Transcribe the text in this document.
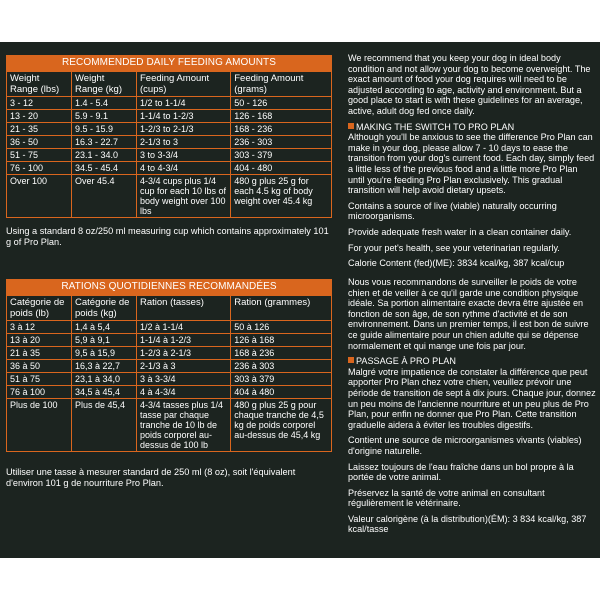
RECOMMENDED DAILY FEEDING AMOUNTS
Weight Range (lbs)	Weight Range (kg)	Feeding Amount (cups)	Feeding Amount (grams)
3 - 12	1.4 - 5.4	1/2 to 1-1/4	50 - 126
13 - 20	5.9 - 9.1	1-1/4 to 1-2/3	126 - 168
21 - 35	9.5 - 15.9	1-2/3 to 2-1/3	168 - 236
36 - 50	16.3 - 22.7	2-1/3 to 3	236 - 303
51 - 75	23.1 - 34.0	3 to 3-3/4	303 - 379
76 - 100	34.5 - 45.4	4 to 4-3/4	404 - 480
Over 100	Over 45.4	4-3/4 cups plus 1/4 cup for each 10 lbs of body weight over 100 lbs	480 g plus 25 g for each 4.5 kg of body weight over 45.4 kg
Using a standard 8 oz/250 ml measuring cup which contains approximately 101 g of Pro Plan.
RATIONS QUOTIDIENNES RECOMMANDÉES
Catégorie de poids (lb)	Catégorie de poids (kg)	Ration (tasses)	Ration (grammes)
3 à 12	1,4 à 5,4	1/2 à 1-1/4	50 à 126
13 à 20	5,9 à 9,1	1-1/4 à 1-2/3	126 à 168
21 à 35	9,5 à 15,9	1-2/3 à 2-1/3	168 à 236
36 à 50	16,3 à 22,7	2-1/3 à 3	236 à 303
51 à 75	23,1 à 34,0	3 à 3-3/4	303 à 379
76 à 100	34,5 à 45,4	4 à 4-3/4	404 à 480
Plus de 100	Plus de 45,4	4-3/4 tasses plus 1/4 tasse par chaque tranche de 10 lb de poids corporel au-dessus de 100 lb	480 g plus 25 g pour chaque tranche de 4,5 kg de poids corporel au-dessus de 45,4 kg
Utiliser une tasse à mesurer standard de 250 ml (8 oz), soit l'équivalent d'environ 101 g de nourriture Pro Plan.

We recommend that you keep your dog in ideal body condition and not allow your dog to become overweight. The exact amount of food your dog requires will need to be adjusted according to age, activity and environment. But a good place to start is with these guidelines for an average, active, adult dog fed once daily.

MAKING THE SWITCH TO PRO PLAN

Although you'll be anxious to see the difference Pro Plan can make in your dog, please allow 7 - 10 days to ease the transition from your dog's current food. Each day, simply feed a little less of the previous food and a little more Pro Plan until you're feeding Pro Plan exclusively. This gradual transition will help avoid dietary upsets.

Contains a source of live (viable) naturally occurring microorganisms.

Provide adequate fresh water in a clean container daily.

For your pet's health, see your veterinarian regularly.

Calorie Content (fed)(ME): 3834 kcal/kg, 387 kcal/cup

Nous vous recommandons de surveiller le poids de votre chien et de veiller à ce qu'il garde une condition physique idéale. Sa portion alimentaire exacte devra être ajustée en fonction de son âge, de son rythme d'activité et de son environnement. Dans un premier temps, il est bon de suivre ce guide alimentaire pour un chien adulte qui se dépense normalement et qui mange une fois par jour.

PASSAGE À PRO PLAN

Malgré votre impatience de constater la différence que peut apporter Pro Plan chez votre chien, veuillez prévoir une période de transition de sept à dix jours. Chaque jour, donnez un peu moins de l'ancienne nourriture et un peu plus de Pro Plan, pour enfin ne donner que Pro Plan. Cette transition graduelle aidera à éviter les troubles digestifs.

Contient une source de microorganismes vivants (viables) d'origine naturelle.

Laissez toujours de l'eau fraîche dans un bol propre à la portée de votre animal.

Préservez la santé de votre animal en consultant régulièrement le vétérinaire.

Valeur calorigène (à la distribution)(ÉM): 3 834 kcal/kg, 387 kcal/tasse
